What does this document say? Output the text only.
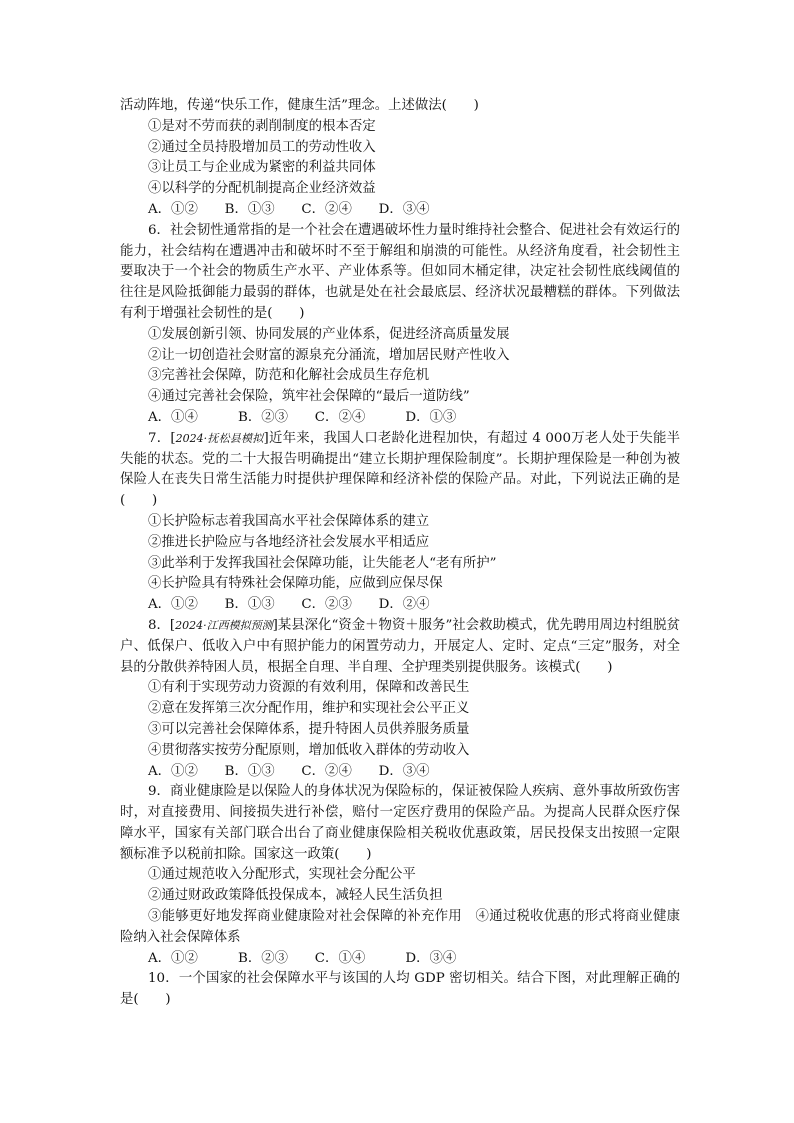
活动阵地，传递“快乐工作，健康生活”理念。上述做法(　　)

①是对不劳而获的剥削制度的根本否定

②通过全员持股增加员工的劳动性收入

③让员工与企业成为紧密的利益共同体

④以科学的分配机制提高企业经济效益

A．①②　　B．①③　　C．②④　　D．③④

6．社会韧性通常指的是一个社会在遭遇破坏性力量时维持社会整合、促进社会有效运行的能力，社会结构在遭遇冲击和破坏时不至于解组和崩溃的可能性。从经济角度看，社会韧性主要取决于一个社会的物质生产水平、产业体系等。但如同木桶定律，决定社会韧性底线阈值的往往是风险抵御能力最弱的群体，也就是处在社会最底层、经济状况最糟糕的群体。下列做法有利于增强社会韧性的是(　　)

①发展创新引领、协同发展的产业体系，促进经济高质量发展

②让一切创造社会财富的源泉充分涌流，增加居民财产性收入

③完善社会保障，防范和化解社会成员生存危机

④通过完善社会保险，筑牢社会保障的“最后一道防线”

A．①④　　　B．②③　　C．②④　　　D．①③

7．[2024·抚松县模拟]近年来，我国人口老龄化进程加快，有超过 4 000万老人处于失能半失能的状态。党的二十大报告明确提出“建立长期护理保险制度”。长期护理保险是一种创为被保险人在丧失日常生活能力时提供护理保障和经济补偿的保险产品。对此，下列说法正确的是(　　)

①长护险标志着我国高水平社会保障体系的建立

②推进长护险应与各地经济社会发展水平相适应

③此举利于发挥我国社会保障功能，让失能老人“老有所护”

④长护险具有特殊社会保障功能，应做到应保尽保

A．①②　　B．①③　　C．②③　　D．②④

8．[2024·江西模拟预测]某县深化“资金＋物资＋服务”社会救助模式，优先聘用周边村组脱贫户、低保户、低收入户中有照护能力的闲置劳动力，开展定人、定时、定点“三定”服务，对全县的分散供养特困人员，根据全自理、半自理、全护理类别提供服务。该模式(　　)

①有利于实现劳动力资源的有效利用，保障和改善民生

②意在发挥第三次分配作用，维护和实现社会公平正义

③可以完善社会保障体系，提升特困人员供养服务质量

④贯彻落实按劳分配原则，增加低收入群体的劳动收入

A．①②　　B．①③　　C．②④　　D．③④

9．商业健康险是以保险人的身体状况为保险标的，保证被保险人疾病、意外事故所致伤害时，对直接费用、间接损失进行补偿，赔付一定医疗费用的保险产品。为提高人民群众医疗保障水平，国家有关部门联合出台了商业健康保险相关税收优惠政策，居民投保支出按照一定限额标准予以税前扣除。国家这一政策(　　)

①通过规范收入分配形式，实现社会分配公平

②通过财政政策降低投保成本，减轻人民生活负担

③能够更好地发挥商业健康险对社会保障的补充作用　④通过税收优惠的形式将商业健康险纳入社会保障体系

A．①②　　　B．②③　　C．①④　　　D．③④

10．一个国家的社会保障水平与该国的人均 GDP 密切相关。结合下图，对此理解正确的是(　　)
